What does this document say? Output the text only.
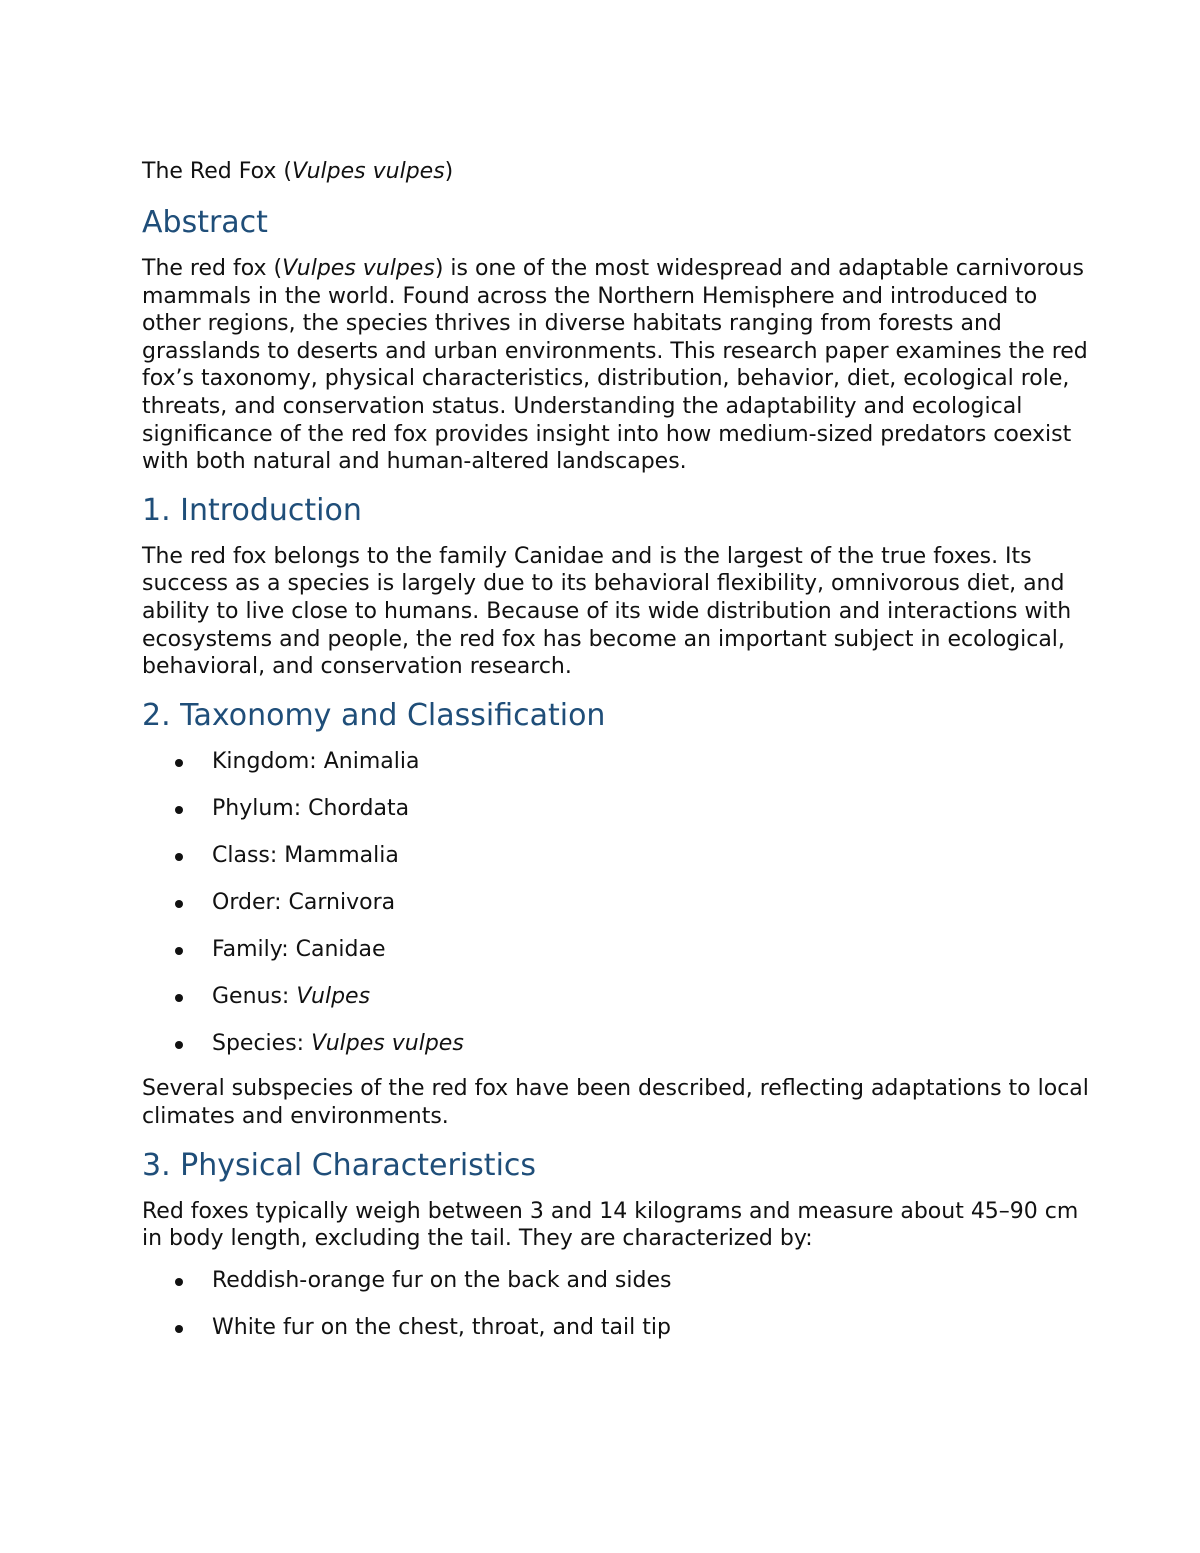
The Red Fox (Vulpes vulpes)

Abstract

The red fox (Vulpes vulpes) is one of the most widespread and adaptable carnivorous mammals in the world. Found across the Northern Hemisphere and introduced to other regions, the species thrives in diverse habitats ranging from forests and grasslands to deserts and urban environments. This research paper examines the red fox’s taxonomy, physical characteristics, distribution, behavior, diet, ecological role, threats, and conservation status. Understanding the adaptability and ecological significance of the red fox provides insight into how medium-sized predators coexist with both natural and human-altered landscapes.

1. Introduction

The red fox belongs to the family Canidae and is the largest of the true foxes. Its success as a species is largely due to its behavioral flexibility, omnivorous diet, and ability to live close to humans. Because of its wide distribution and interactions with ecosystems and people, the red fox has become an important subject in ecological, behavioral, and conservation research.

2. Taxonomy and Classification
Kingdom: Animalia
Phylum: Chordata
Class: Mammalia
Order: Carnivora
Family: Canidae
Genus: Vulpes
Species: Vulpes vulpes

Several subspecies of the red fox have been described, reflecting adaptations to local climates and environments.

3. Physical Characteristics

Red foxes typically weigh between 3 and 14 kilograms and measure about 45–90 cm in body length, excluding the tail. They are characterized by:

Reddish-orange fur on the back and sides
White fur on the chest, throat, and tail tip
